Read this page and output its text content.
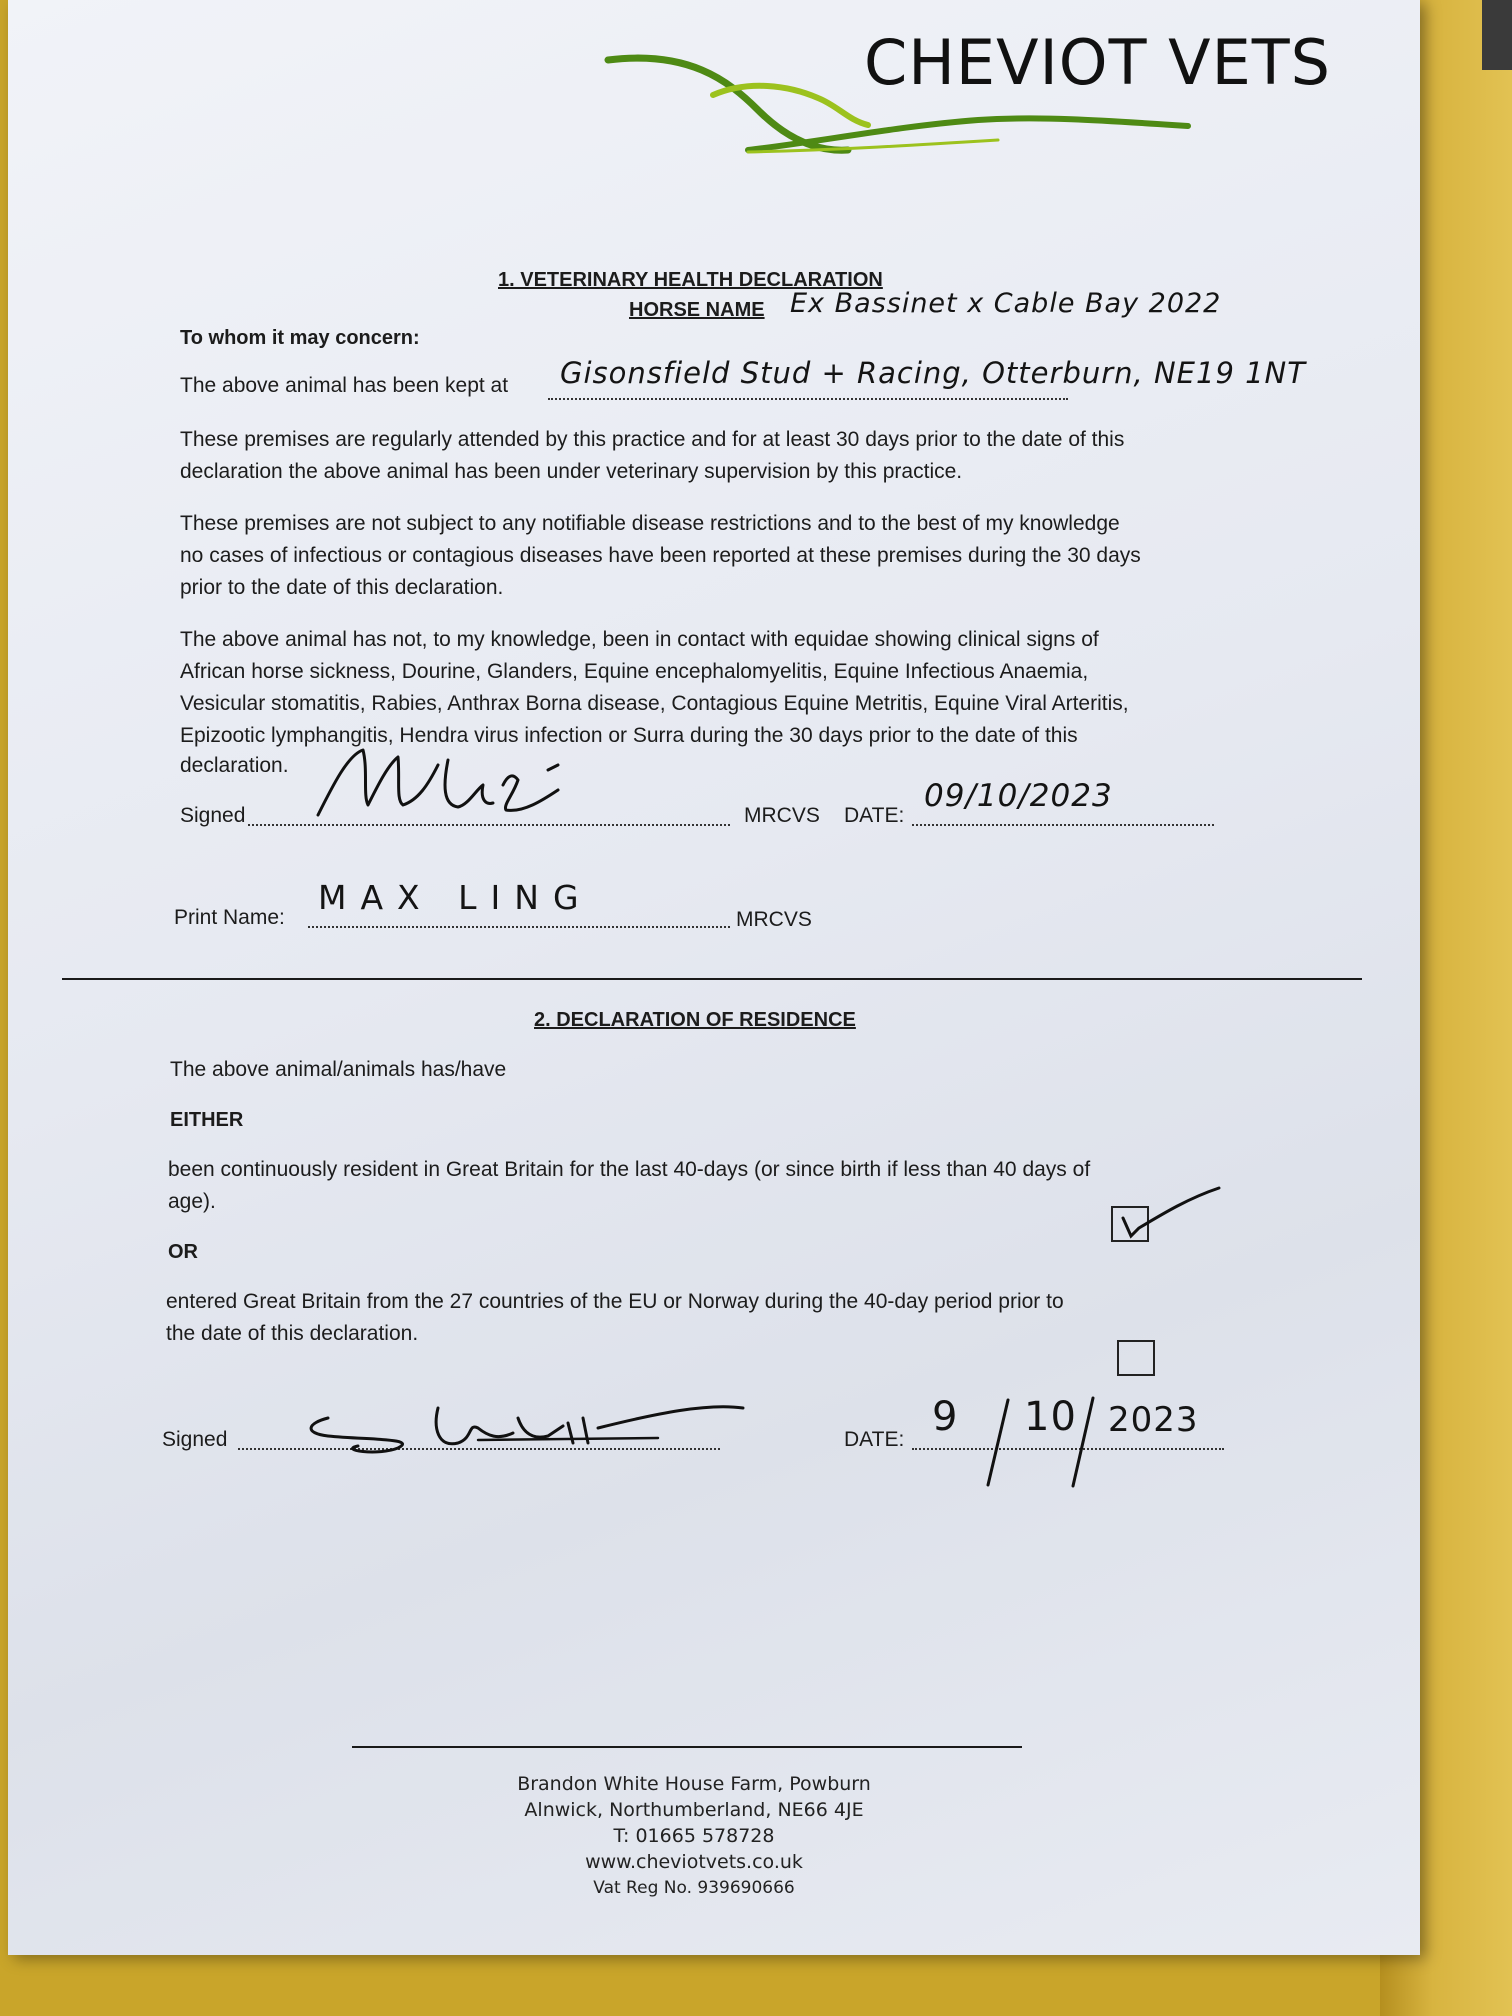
CHEVIOT VETS
1. VETERINARY HEALTH DECLARATION
HORSE NAME Ex Bassinet x Cable Bay 2022
To whom it may concern:
The above animal has been kept at Gisonsfield Stud + Racing, Otterburn, NE19 1NT
These premises are regularly attended by this practice and for at least 30 days prior to the date of this
declaration the above animal has been under veterinary supervision by this practice.
These premises are not subject to any notifiable disease restrictions and to the best of my knowledge
no cases of infectious or contagious diseases have been reported at these premises during the 30 days
prior to the date of this declaration.
The above animal has not, to my knowledge, been in contact with equidae showing clinical signs of
African horse sickness, Dourine, Glanders, Equine encephalomyelitis, Equine Infectious Anaemia,
Vesicular stomatitis, Rabies, Anthrax Borna disease, Contagious Equine Metritis, Equine Viral Arteritis,
Epizootic lymphangitis, Hendra virus infection or Surra during the 30 days prior to the date of this
declaration.
Signed	MRCVS DATE:
09/10/2023
Print Name:
MAX LING
MRCVS
2. DECLARATION OF RESIDENCE
The above animal/animals has/have
EITHER
been continuously resident in Great Britain for the last 40-days (or since birth if less than 40 days of
age).
OR
entered Great Britain from the 27 countries of the EU or Norway during the 40-day period prior to
the date of this declaration.
Signed	DATE: 9 10 2023
Brandon White House Farm, Powburn
Alnwick, Northumberland, NE66 4JE
T: 01665 578728
www.cheviotvets.co.uk
Vat Reg No. 939690666
